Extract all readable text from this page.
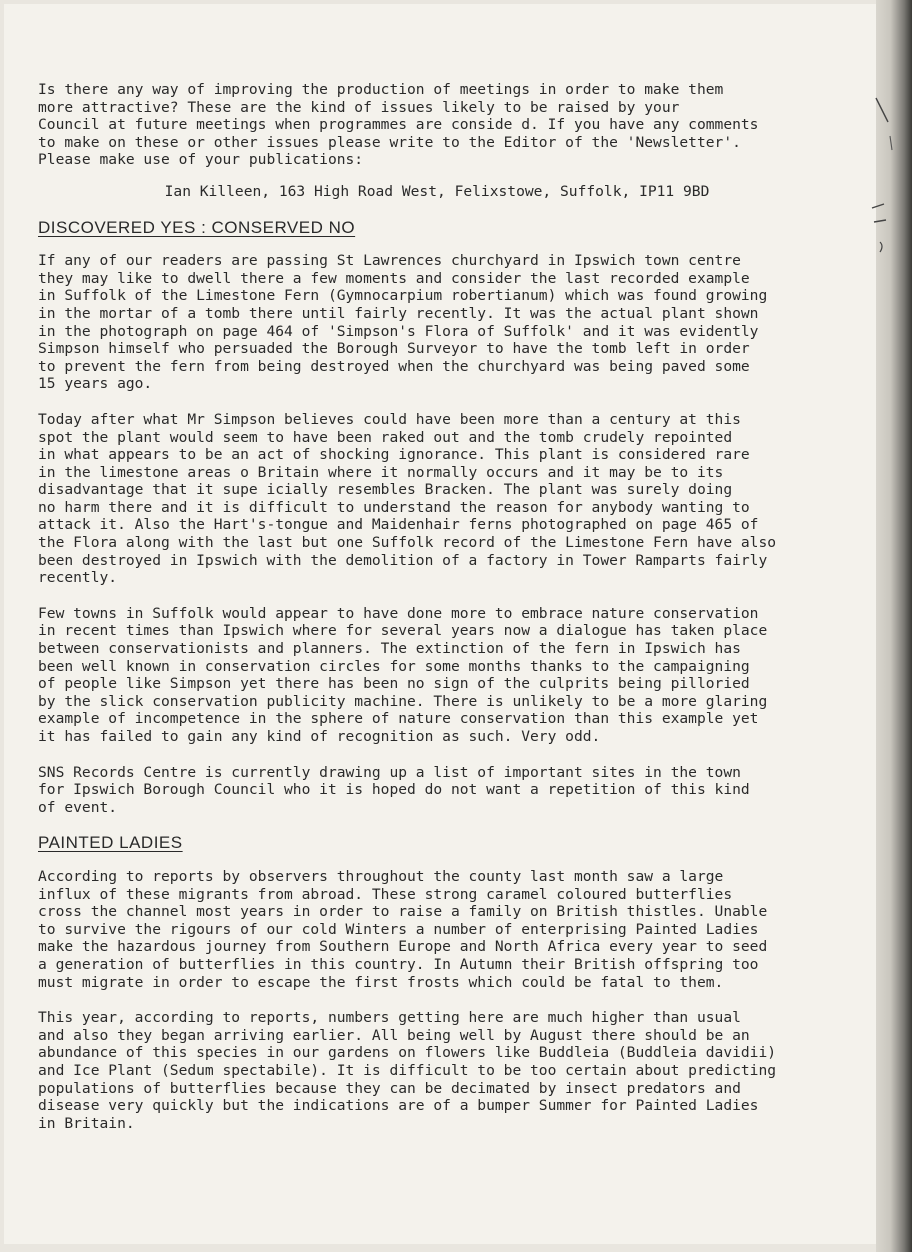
Is there any way of improving the production of meetings in order to make them
more attractive? These are the kind of issues likely to be raised by your
Council at future meetings when programmes are conside d. If you have any comments
to make on these or other issues please write to the Editor of the 'Newsletter'.
Please make use of your publications:

Ian Killeen, 163 High Road West, Felixstowe, Suffolk, IP11 9BD

DISCOVERED YES : CONSERVED NO

If any of our readers are passing St Lawrences churchyard in Ipswich town centre
they may like to dwell there a few moments and consider the last recorded example
in Suffolk of the Limestone Fern (Gymnocarpium robertianum) which was found growing
in the mortar of a tomb there until fairly recently. It was the actual plant shown
in the photograph on page 464 of 'Simpson's Flora of Suffolk' and it was evidently
Simpson himself who persuaded the Borough Surveyor to have the tomb left in order
to prevent the fern from being destroyed when the churchyard was being paved some
15 years ago.

Today after what Mr Simpson believes could have been more than a century at this
spot the plant would seem to have been raked out and the tomb crudely repointed
in what appears to be an act of shocking ignorance. This plant is considered rare
in the limestone areas o Britain where it normally occurs and it may be to its
disadvantage that it supe icially resembles Bracken. The plant was surely doing
no harm there and it is difficult to understand the reason for anybody wanting to
attack it. Also the Hart's-tongue and Maidenhair ferns photographed on page 465 of
the Flora along with the last but one Suffolk record of the Limestone Fern have also
been destroyed in Ipswich with the demolition of a factory in Tower Ramparts fairly
recently.

Few towns in Suffolk would appear to have done more to embrace nature conservation
in recent times than Ipswich where for several years now a dialogue has taken place
between conservationists and planners. The extinction of the fern in Ipswich has
been well known in conservation circles for some months thanks to the campaigning
of people like Simpson yet there has been no sign of the culprits being pilloried
by the slick conservation publicity machine. There is unlikely to be a more glaring
example of incompetence in the sphere of nature conservation than this example yet
it has failed to gain any kind of recognition as such. Very odd.

SNS Records Centre is currently drawing up a list of important sites in the town
for Ipswich Borough Council who it is hoped do not want a repetition of this kind
of event.

PAINTED LADIES

According to reports by observers throughout the county last month saw a large
influx of these migrants from abroad. These strong caramel coloured butterflies
cross the channel most years in order to raise a family on British thistles. Unable
to survive the rigours of our cold Winters a number of enterprising Painted Ladies
make the hazardous journey from Southern Europe and North Africa every year to seed
a generation of butterflies in this country. In Autumn their British offspring too
must migrate in order to escape the first frosts which could be fatal to them.

This year, according to reports, numbers getting here are much higher than usual
and also they began arriving earlier. All being well by August there should be an
abundance of this species in our gardens on flowers like Buddleia (Buddleia davidii)
and Ice Plant (Sedum spectabile). It is difficult to be too certain about predicting
populations of butterflies because they can be decimated by insect predators and
disease very quickly but the indications are of a bumper Summer for Painted Ladies
in Britain.
